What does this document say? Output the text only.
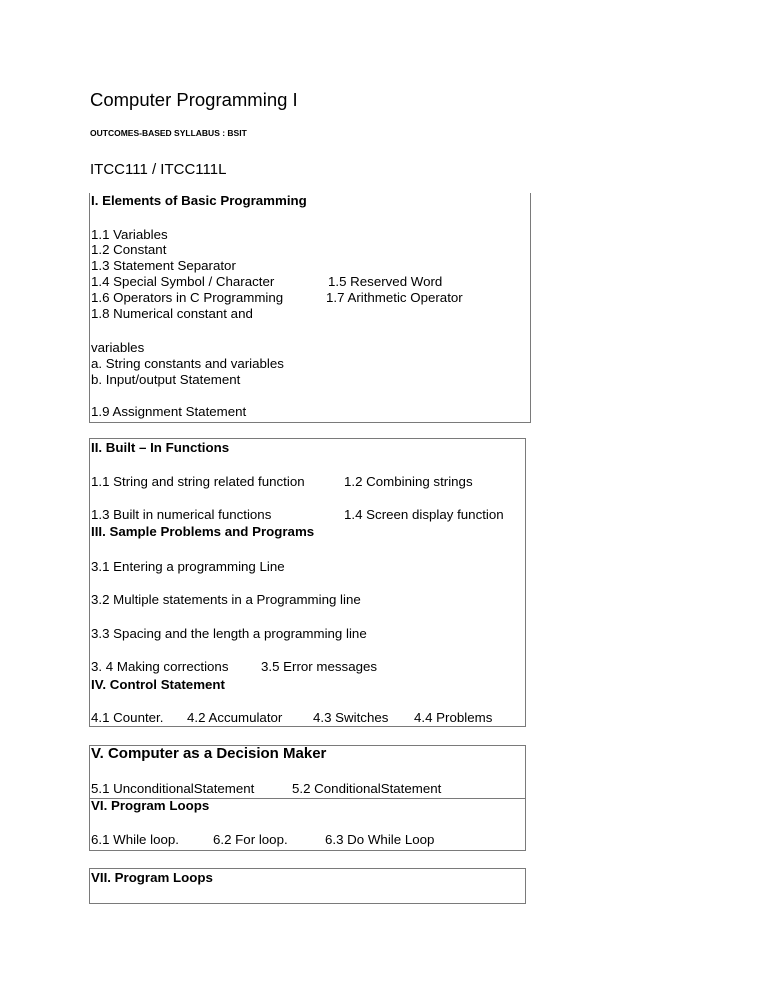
Computer Programming I
OUTCOMES-BASED SYLLABUS : BSIT
ITCC111 / ITCC111L
I. Elements of Basic Programming
1.1 Variables
1.2 Constant
1.3 Statement Separator
1.4 Special Symbol / Character	1.5 Reserved Word
1.6 Operators in C Programming	1.7 Arithmetic Operator
1.8 Numerical constant and
variables
a. String constants and variables
b. Input/output Statement
1.9 Assignment Statement
II. Built – In Functions
1.1 String and string related function	1.2 Combining strings
1.3 Built in numerical functions	1.4 Screen display function
III. Sample Problems and Programs
3.1 Entering a programming Line
3.2 Multiple statements in a Programming line
3.3 Spacing and the length a programming line
3. 4 Making corrections 3.5 Error messages
IV. Control Statement
4.1 Counter. 4.2 Accumulator 4.3 Switches 4.4 Problems
V. Computer as a Decision Maker
5.1 UnconditionalStatement	5.2 ConditionalStatement
VI. Program Loops
6.1 While loop.	6.2 For loop.	6.3 Do While Loop
VII. Program Loops
